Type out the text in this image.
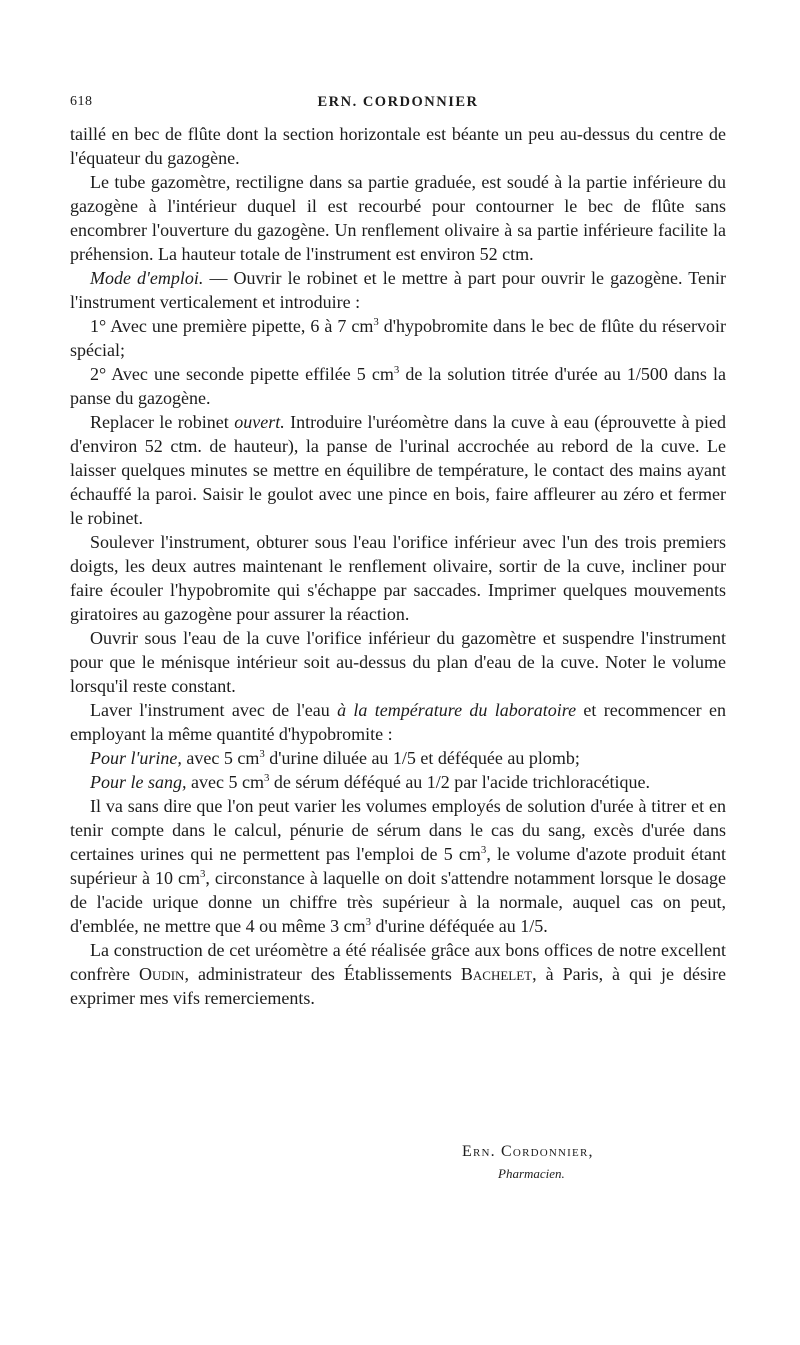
618	ERN. CORDONNIER

taillé en bec de flûte dont la section horizontale est béante un peu au-dessus du centre de l'équateur du gazogène.

Le tube gazomètre, rectiligne dans sa partie graduée, est soudé à la partie inférieure du gazogène à l'intérieur duquel il est recourbé pour contourner le bec de flûte sans encombrer l'ouverture du gazogène. Un renflement olivaire à sa partie inférieure facilite la préhension. La hauteur totale de l'instrument est environ 52 ctm.

Mode d'emploi. — Ouvrir le robinet et le mettre à part pour ouvrir le gazogène. Tenir l'instrument verticalement et introduire :

1° Avec une première pipette, 6 à 7 $cm^3$ d'hypobromite dans le bec de flûte du réservoir spécial;

2° Avec une seconde pipette effilée 5 $cm^3$ de la solution titrée d'urée au 1/500 dans la panse du gazogène.

Replacer le robinet ouvert. Introduire l'uréomètre dans la cuve à eau (éprouvette à pied d'environ 52 ctm. de hauteur), la panse de l'urinal accrochée au rebord de la cuve. Le laisser quelques minutes se mettre en équilibre de température, le contact des mains ayant échauffé la paroi. Saisir le goulot avec une pince en bois, faire affleurer au zéro et fermer le robinet.

Soulever l'instrument, obturer sous l'eau l'orifice inférieur avec l'un des trois premiers doigts, les deux autres maintenant le renflement olivaire, sortir de la cuve, incliner pour faire écouler l'hypobromite qui s'échappe par saccades. Imprimer quelques mouvements giratoires au gazogène pour assurer la réaction.

Ouvrir sous l'eau de la cuve l'orifice inférieur du gazomètre et suspendre l'instrument pour que le ménisque intérieur soit au-dessus du plan d'eau de la cuve. Noter le volume lorsqu'il reste constant.

Laver l'instrument avec de l'eau à la température du laboratoire et recommencer en employant la même quantité d'hypobromite :

Pour l'urine, avec 5 $cm^3$ d'urine diluée au 1/5 et déféquée au plomb;

Pour le sang, avec 5 $cm^3$ de sérum déféqué au 1/2 par l'acide trichloracétique.

Il va sans dire que l'on peut varier les volumes employés de solution d'urée à titrer et en tenir compte dans le calcul, pénurie de sérum dans le cas du sang, excès d'urée dans certaines urines qui ne permettent pas l'emploi de 5 $cm^3$, le volume d'azote produit étant supérieur à 10 $cm^3$, circonstance à laquelle on doit s'attendre notamment lorsque le dosage de l'acide urique donne un chiffre très supérieur à la normale, auquel cas on peut, d'emblée, ne mettre que 4 ou même 3 $cm^3$ d'urine déféquée au 1/5.

La construction de cet uréomètre a été réalisée grâce aux bons offices de notre excellent confrère Oudin, administrateur des Établissements Bachelet, à Paris, à qui je désire exprimer mes vifs remerciements.

Ern. Cordonnier,
Pharmacien.
